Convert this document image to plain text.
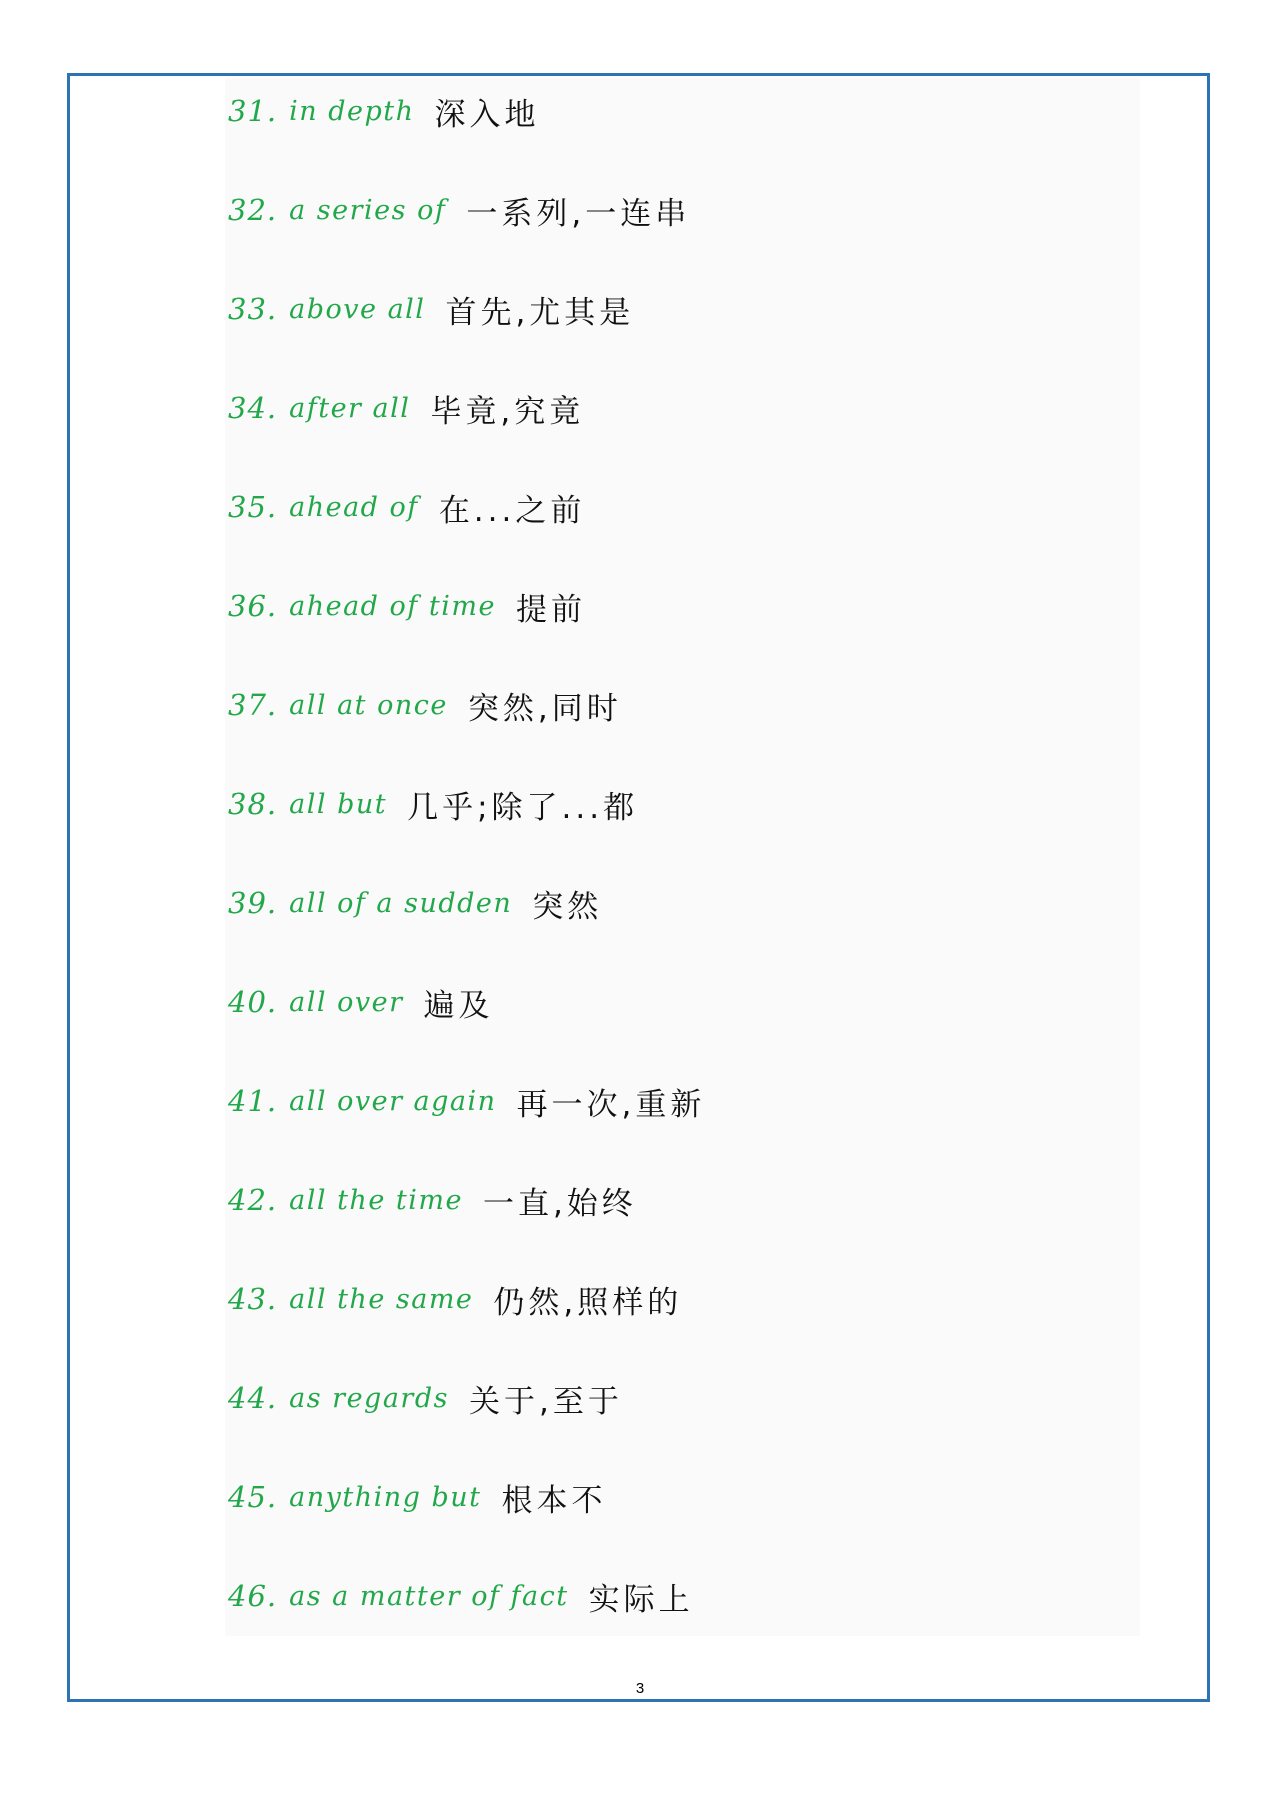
31. in depth 深入地
32. a series of 一系列,一连串
33. above all 首先,尤其是
34. after all 毕竟,究竟
35. ahead of 在...之前
36. ahead of time 提前
37. all at once 突然,同时
38. all but 几乎;除了...都
39. all of a sudden 突然
40. all over 遍及
41. all over again 再一次,重新
42. all the time 一直,始终
43. all the same 仍然,照样的
44. as regards 关于,至于
45. anything but 根本不
46. as a matter of fact 实际上
3
